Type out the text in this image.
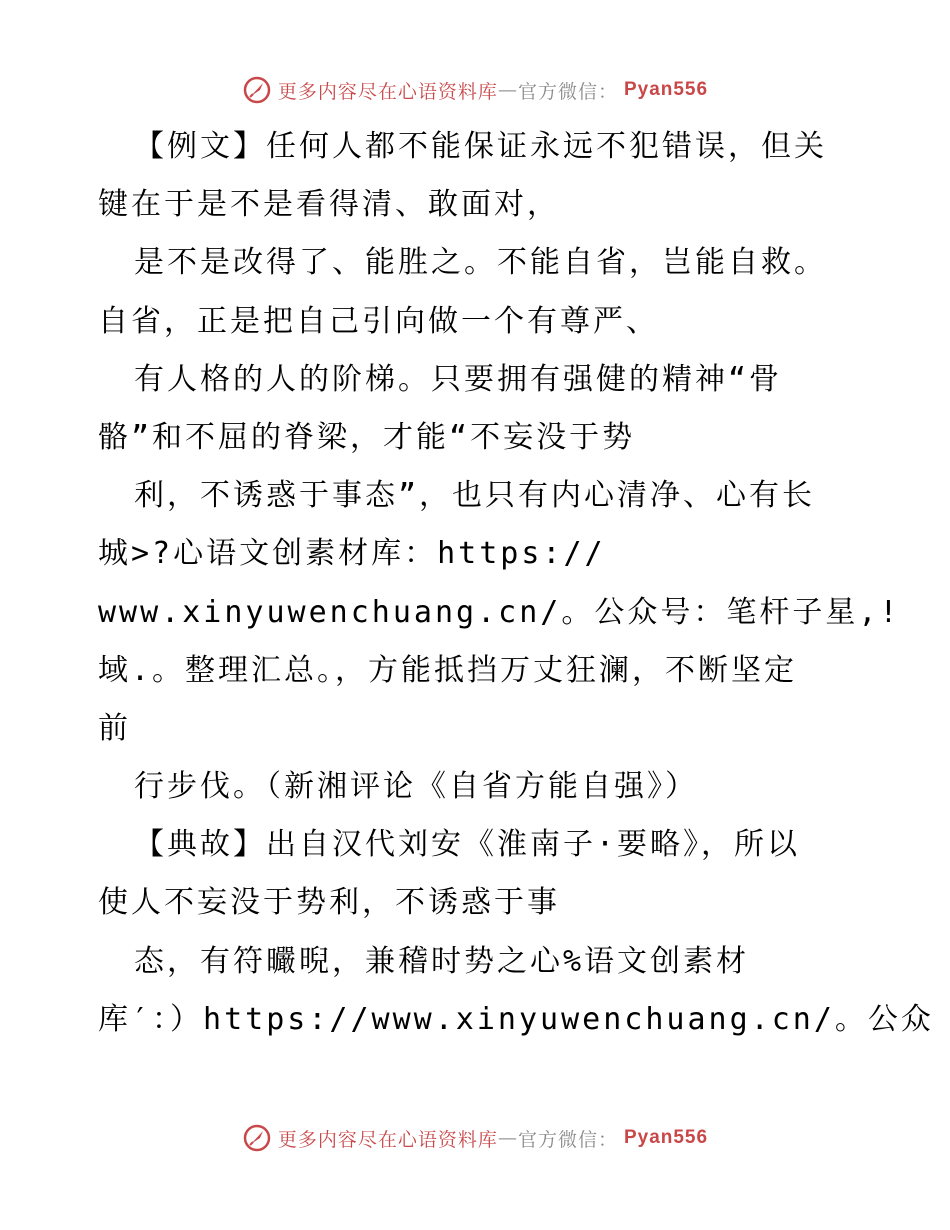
更多内容尽在心语资料库 — 官方微信： Pyan556
【例文】任何人都不能保证永远不犯错误，但关
键在于是不是看得清、敢面对，
是不是改得了、能胜之。不能自省，岂能自救。
自省，正是把自己引向做一个有尊严、
有人格的人的阶梯。只要拥有强健的精神“骨
骼”和不屈的脊梁，才能“不妄没于势
利，不诱惑于事态”，也只有内心清净、心有长
城>?心语文创素材库：https://
www.xinyuwenchuang.cn/。公众号：笔杆子星,!
域.。整理汇总。，方能抵挡万丈狂澜，不断坚定
前
行步伐。（新湘评论《自省方能自强》）
【典故】出自汉代刘安《淮南子·要略》，所以
使人不妄没于势利，不诱惑于事
态，有符曮晲，兼稽时势之心%语文创素材
库′：）https://www.xinyuwenchuang.cn/。公众
更多内容尽在心语资料库 — 官方微信： Pyan556
